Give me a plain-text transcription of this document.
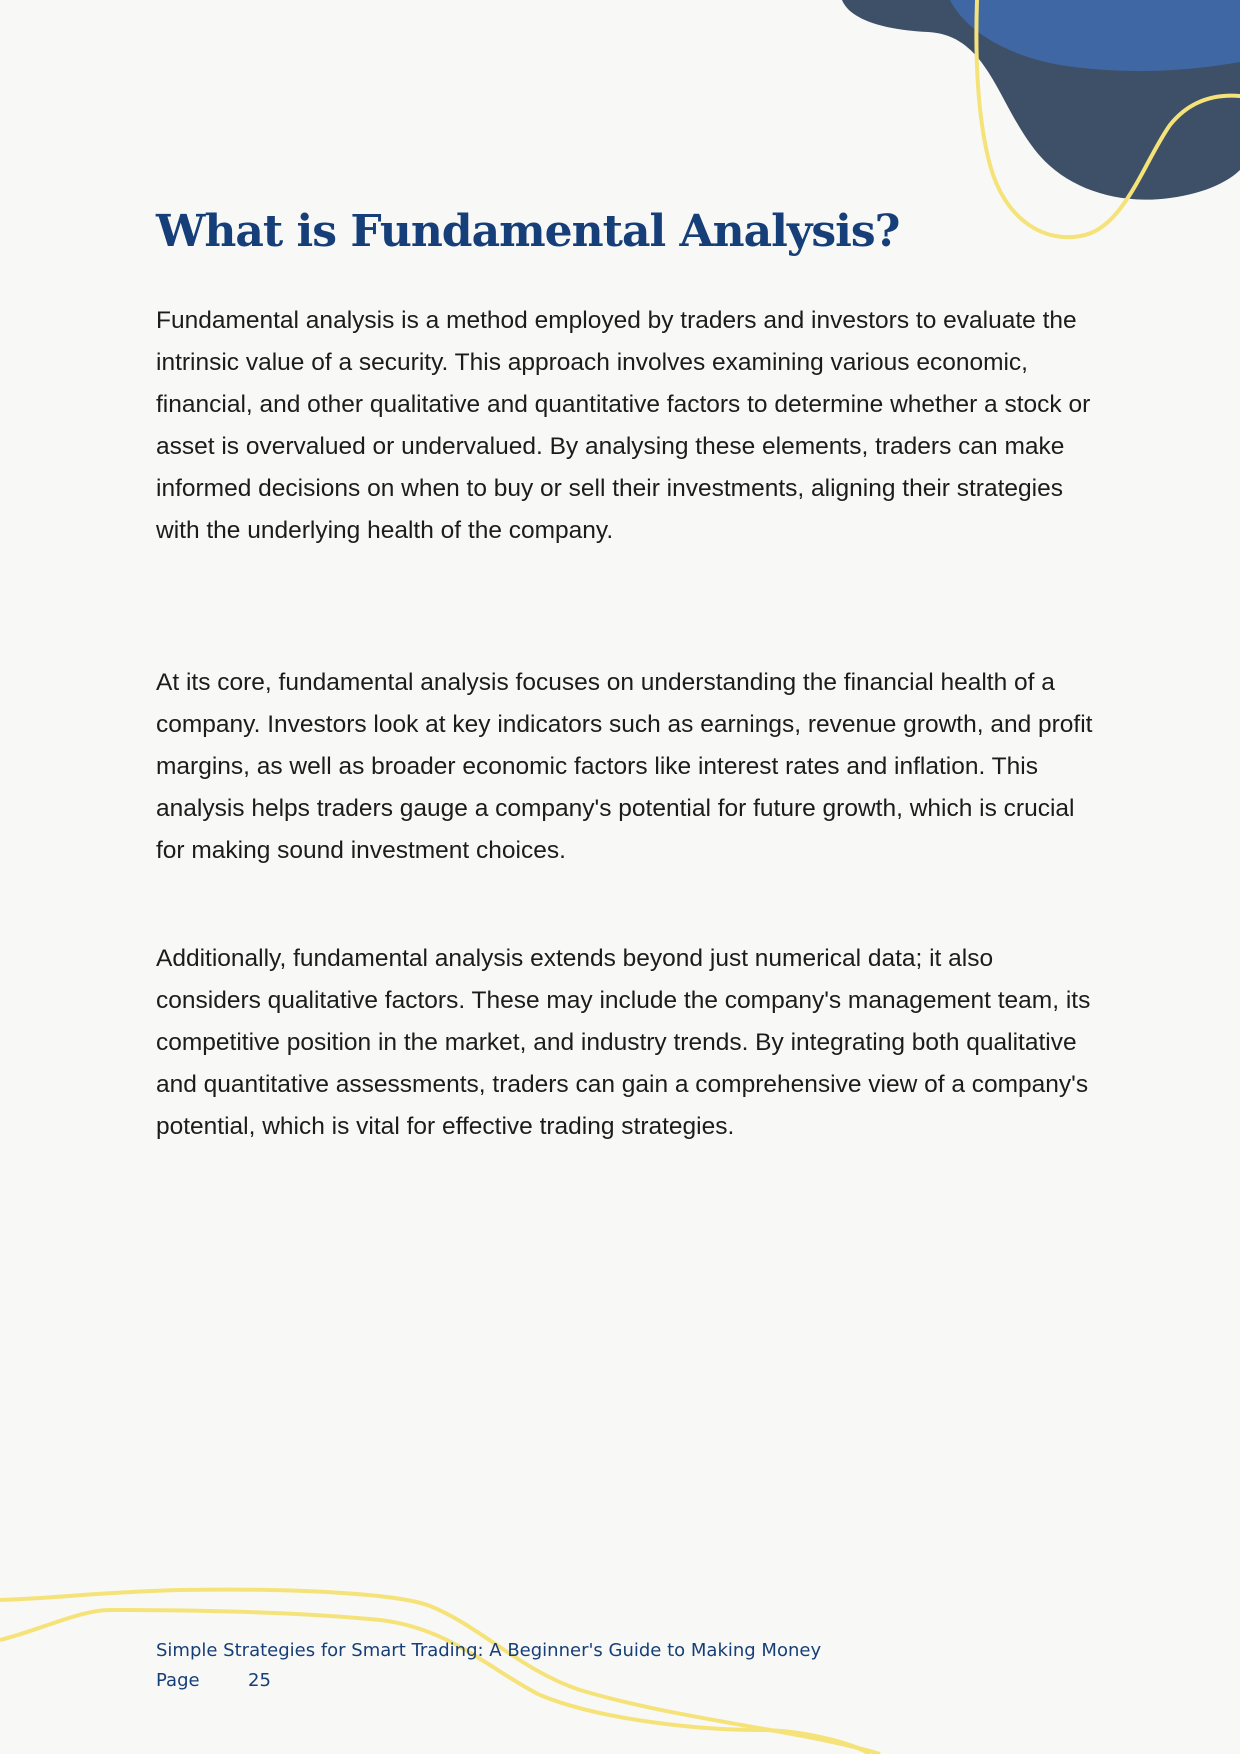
What is Fundamental Analysis?

Fundamental analysis is a method employed by traders and investors to evaluate the intrinsic value of a security. This approach involves examining various economic, financial, and other qualitative and quantitative factors to determine whether a stock or asset is overvalued or undervalued. By analysing these elements, traders can make informed decisions on when to buy or sell their investments, aligning their strategies with the underlying health of the company.

At its core, fundamental analysis focuses on understanding the financial health of a company. Investors look at key indicators such as earnings, revenue growth, and profit margins, as well as broader economic factors like interest rates and inflation. This analysis helps traders gauge a company's potential for future growth, which is crucial for making sound investment choices.

Additionally, fundamental analysis extends beyond just numerical data; it also considers qualitative factors. These may include the company's management team, its competitive position in the market, and industry trends. By integrating both qualitative and quantitative assessments, traders can gain a comprehensive view of a company's potential, which is vital for effective trading strategies.

Simple Strategies for Smart Trading: A Beginner's Guide to Making Money
Page	25
